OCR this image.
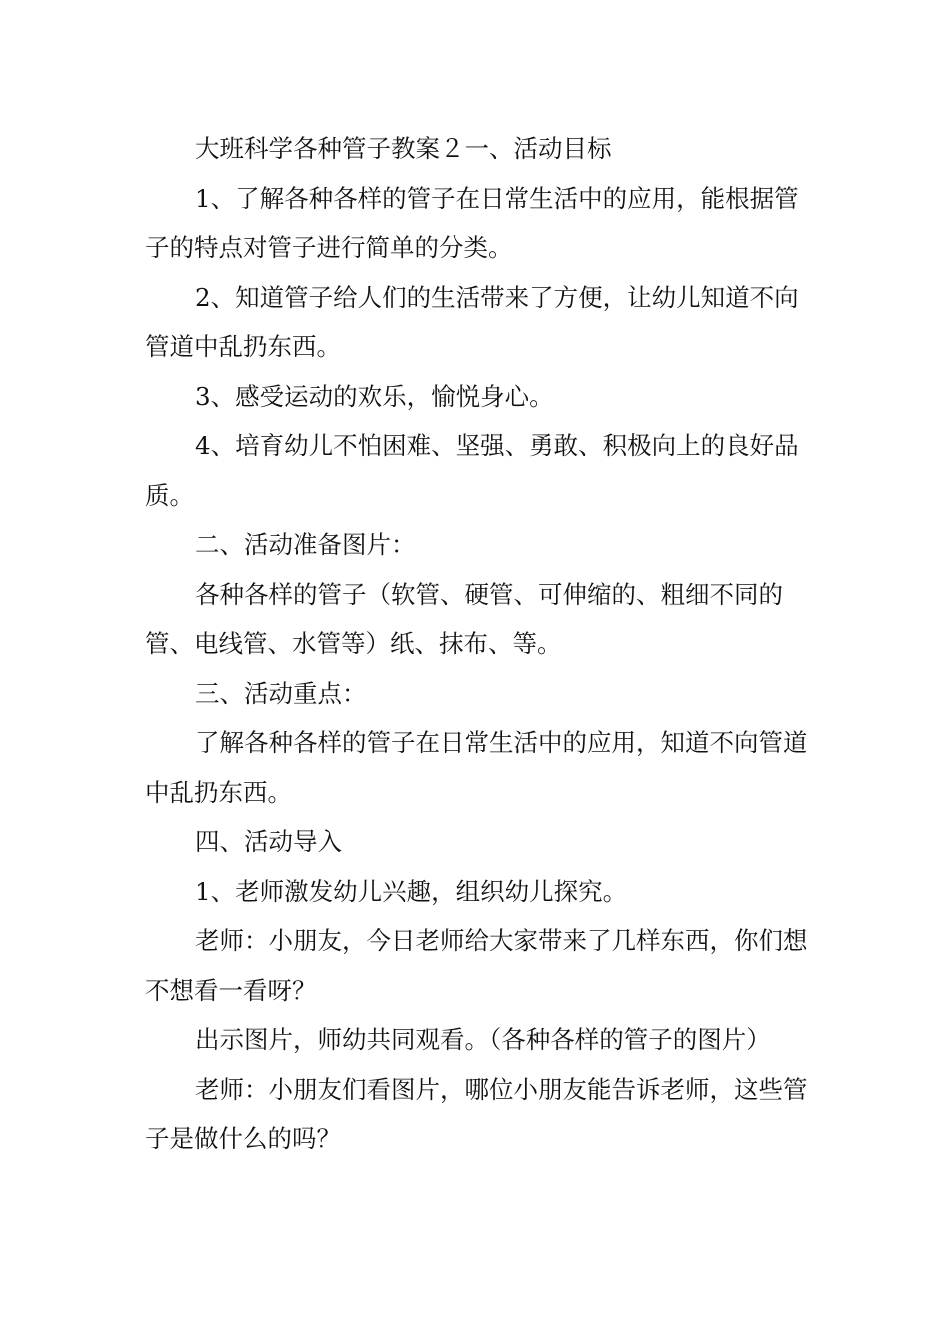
大班科学各种管子教案２一、活动目标

1、了解各种各样的管子在日常生活中的应用，能根据管子的特点对管子进行简单的分类。

2、知道管子给人们的生活带来了方便，让幼儿知道不向管道中乱扔东西。

3、感受运动的欢乐，愉悦身心。

4、培育幼儿不怕困难、坚强、勇敢、积极向上的良好品质。

二、活动准备图片：

各种各样的管子（软管、硬管、可伸缩的、粗细不同的管、电线管、水管等）纸、抹布、等。

三、活动重点：

了解各种各样的管子在日常生活中的应用，知道不向管道中乱扔东西。

四、活动导入

1、老师激发幼儿兴趣，组织幼儿探究。

老师：小朋友，今日老师给大家带来了几样东西，你们想不想看一看呀？

出示图片，师幼共同观看。（各种各样的管子的图片）

老师：小朋友们看图片，哪位小朋友能告诉老师，这些管子是做什么的吗？
